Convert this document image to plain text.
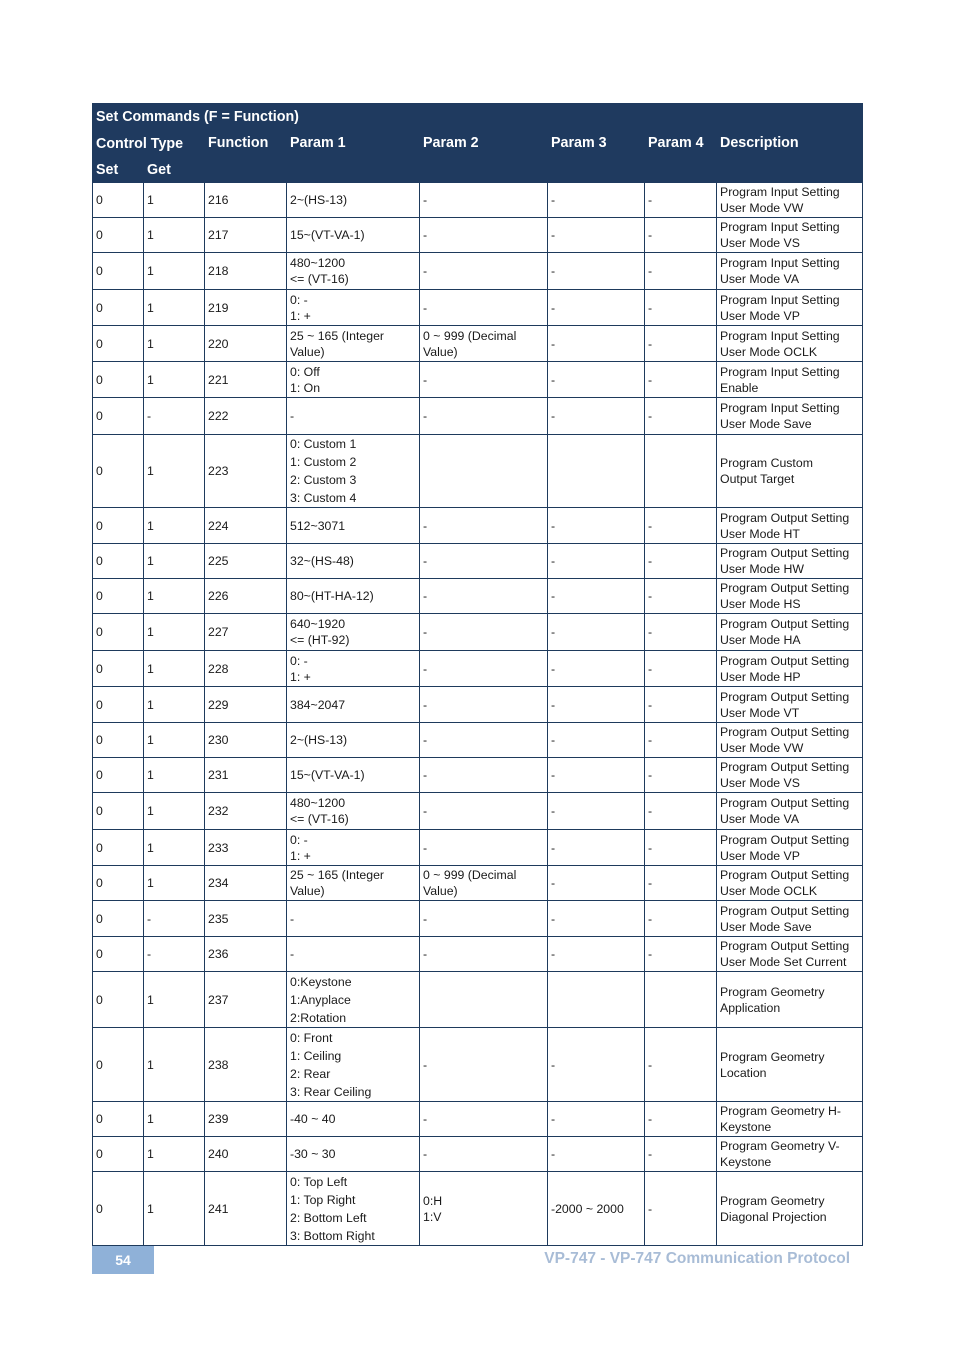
Set Commands (F = Function)							
Control Type		Function	Param 1	Param 2	Param 3	Param 4	Description
Set	Get						
0	1	216	2~(HS-13)	-	-	-	Program Input Setting
User Mode VW

0	1	217	15~(VT-VA-1)	-	-	-	Program Input Setting
User Mode VS

0	1	218	480~1200
<= (VT-16)	-	-	-	Program Input Setting
User Mode VA

0	1	219	0: -
1: +	-	-	-	Program Input Setting
User Mode VP

0	1	220	25 ~ 165 (Integer
Value)	0 ~ 999 (Decimal
Value)	-	-	Program Input Setting
User Mode OCLK

0	1	221	0: Off
1: On	-	-	-	Program Input Setting
Enable

0	-	222	-	-	-	-	Program Input Setting
User Mode Save

0	1	223	0: Custom 1
1: Custom 2
2: Custom 3
3: Custom 4				Program Custom
Output Target

0	1	224	512~3071	-	-	-	Program Output Setting
User Mode HT

0	1	225	32~(HS-48)	-	-	-	Program Output Setting
User Mode HW

0	1	226	80~(HT-HA-12)	-	-	-	Program Output Setting
User Mode HS

0	1	227	640~1920
<= (HT-92)	-	-	-	Program Output Setting
User Mode HA

0	1	228	0: -
1: +	-	-	-	Program Output Setting
User Mode HP

0	1	229	384~2047	-	-	-	Program Output Setting
User Mode VT

0	1	230	2~(HS-13)	-	-	-	Program Output Setting
User Mode VW

0	1	231	15~(VT-VA-1)	-	-	-	Program Output Setting
User Mode VS

0	1	232	480~1200
<= (VT-16)	-	-	-	Program Output Setting
User Mode VA

0	1	233	0: -
1: +	-	-	-	Program Output Setting
User Mode VP

0	1	234	25 ~ 165 (Integer
Value)	0 ~ 999 (Decimal
Value)	-	-	Program Output Setting
User Mode OCLK

0	-	235	-	-	-	-	Program Output Setting
User Mode Save

0	-	236	-	-	-	-	Program Output Setting
User Mode Set Current

0	1	237	0:Keystone
1:Anyplace
2:Rotation				Program Geometry
Application

0	1	238	0: Front
1: Ceiling
2: Rear
3: Rear Ceiling	-	-	-	Program Geometry
Location

0	1	239	-40 ~ 40	-	-	-	Program Geometry H-
Keystone

0	1	240	-30 ~ 30	-	-	-	Program Geometry V-
Keystone

0	1	241	0: Top Left
1: Top Right
2: Bottom Left
3: Bottom Right	0:H
1:V	-2000 ~ 2000	-	Program Geometry
Diagonal Projection
54	VP-747 - VP-747 Communication Protocol
